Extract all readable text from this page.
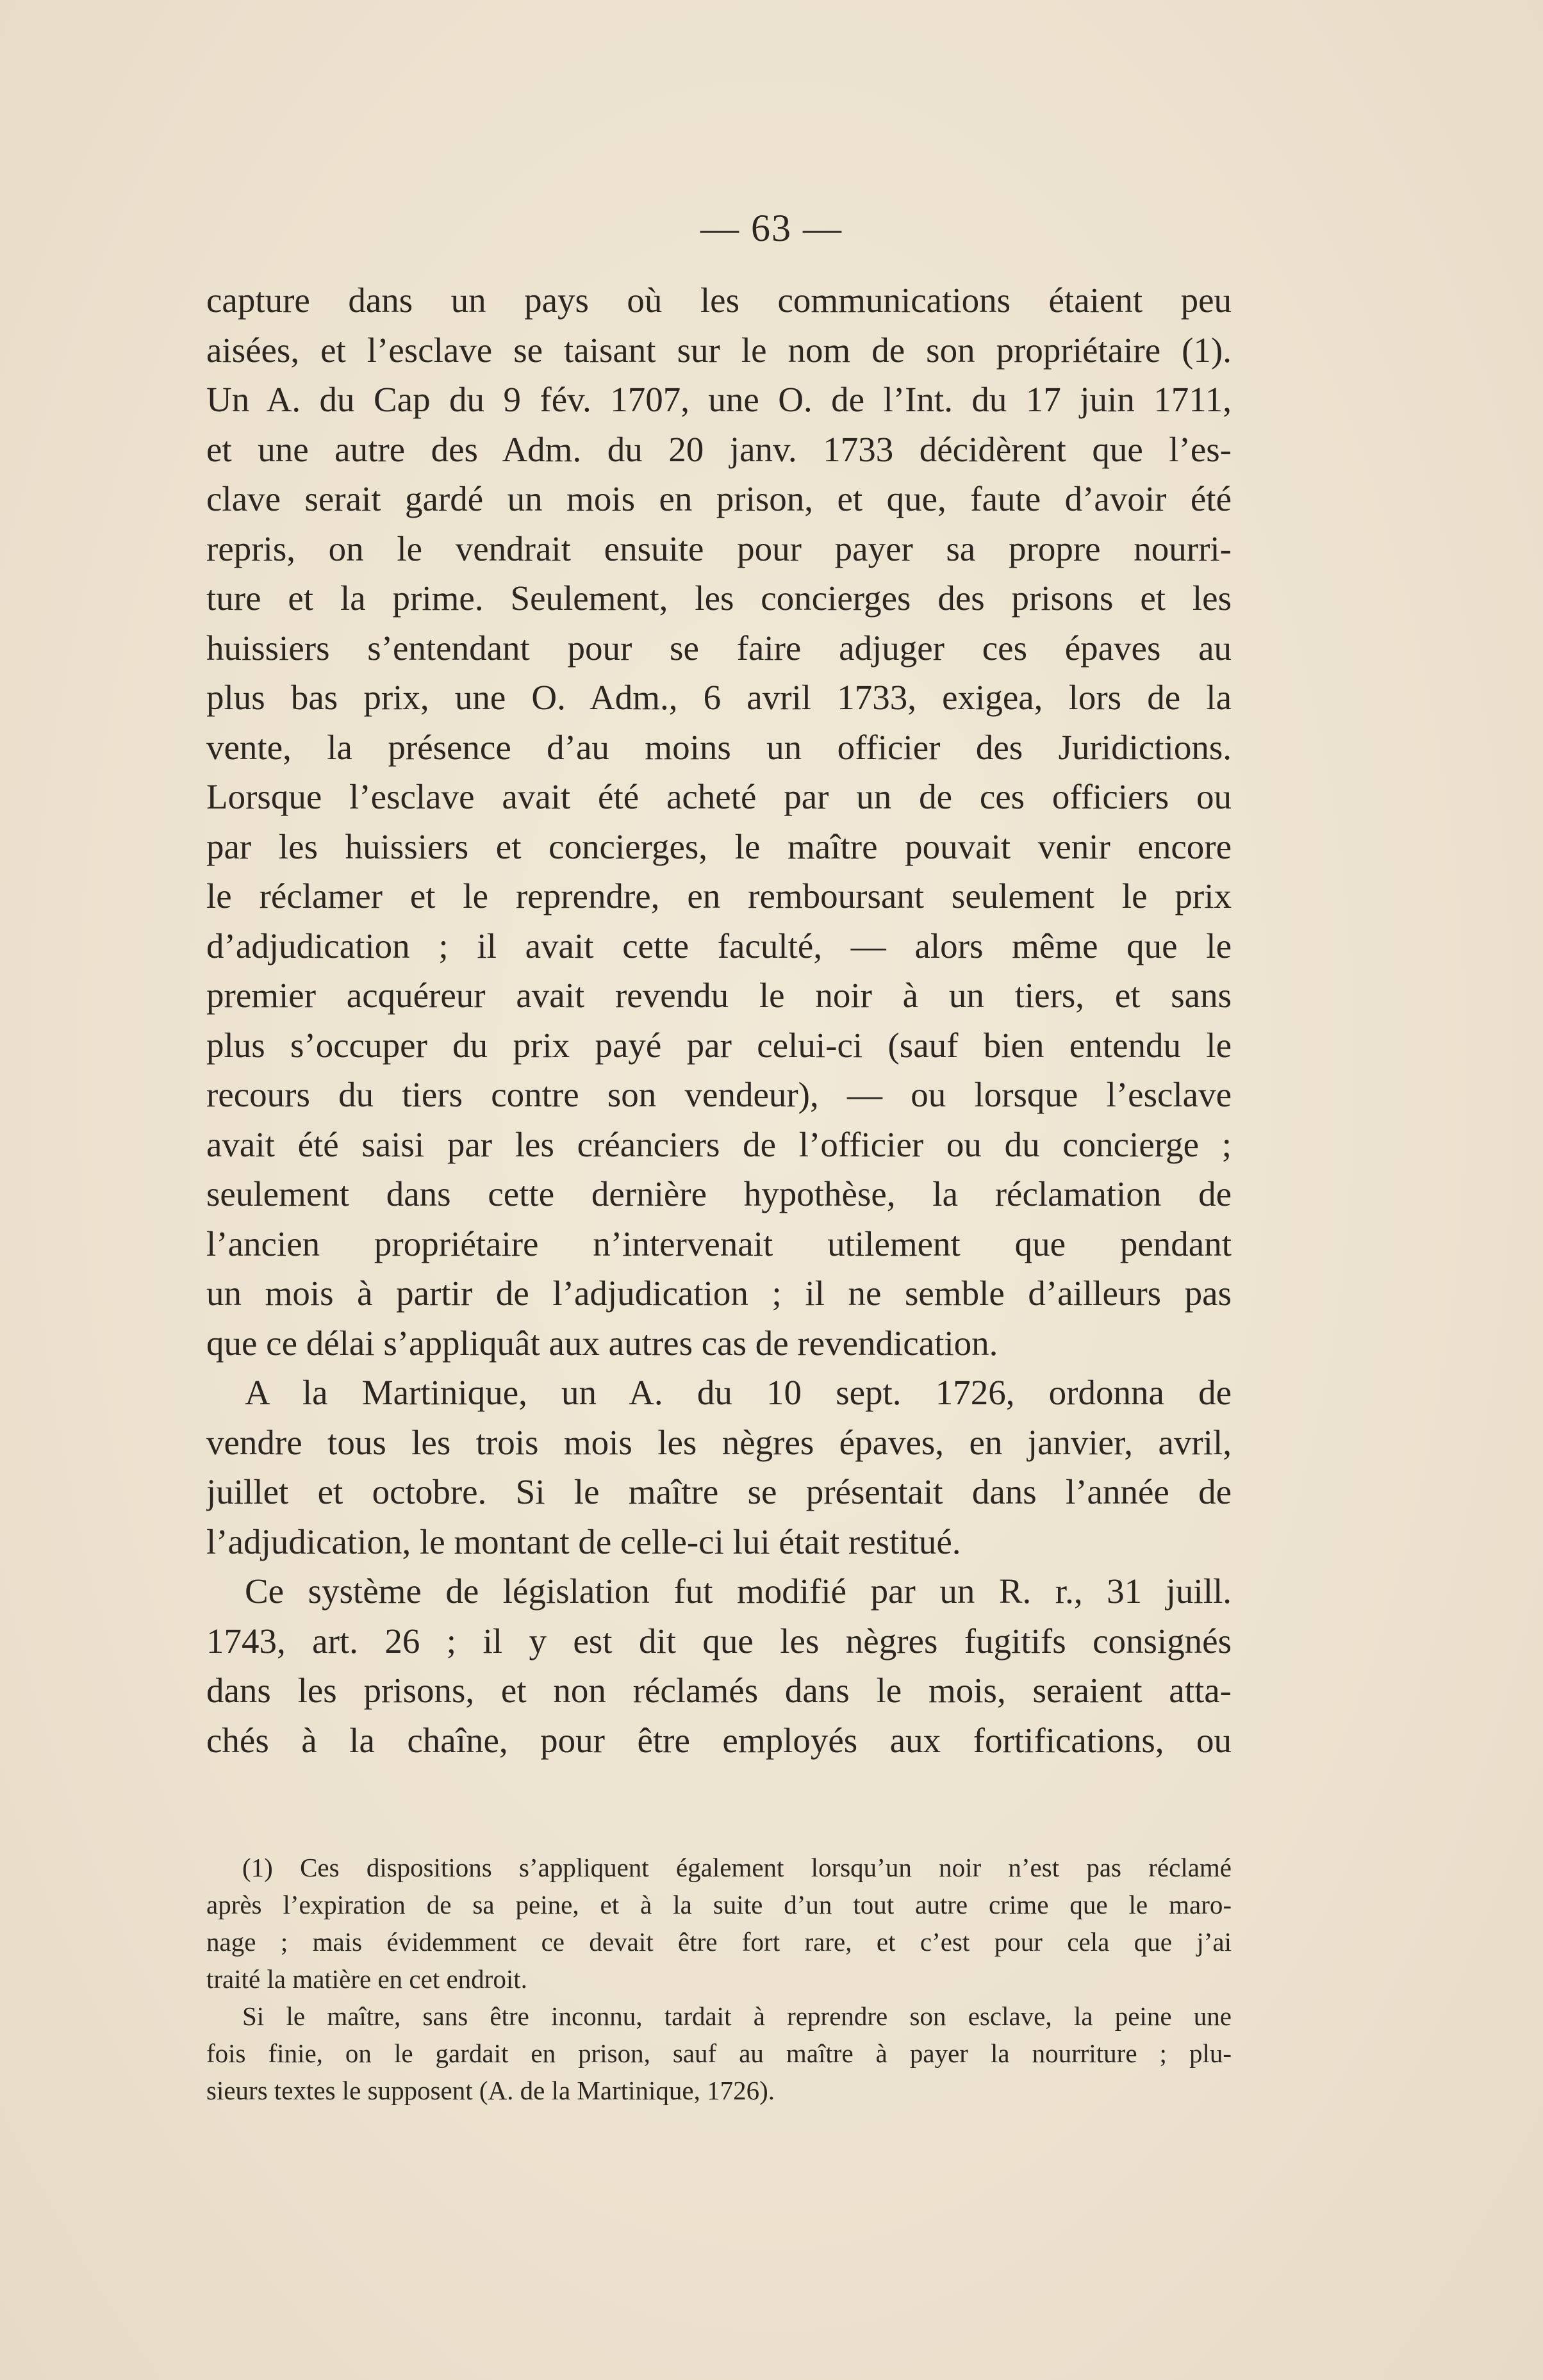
— 63 —
capture dans un pays où les communications étaient peu
aisées, et l’esclave se taisant sur le nom de son propriétaire (1).
Un A. du Cap du 9 fév. 1707, une O. de l’Int. du 17 juin 1711,
et une autre des Adm. du 20 janv. 1733 décidèrent que l’es-
clave serait gardé un mois en prison, et que, faute d’avoir été
repris, on le vendrait ensuite pour payer sa propre nourri-
ture et la prime. Seulement, les concierges des prisons et les
huissiers s’entendant pour se faire adjuger ces épaves au
plus bas prix, une O. Adm., 6 avril 1733, exigea, lors de la
vente, la présence d’au moins un officier des Juridictions.
Lorsque l’esclave avait été acheté par un de ces officiers ou
par les huissiers et concierges, le maître pouvait venir encore
le réclamer et le reprendre, en remboursant seulement le prix
d’adjudication ; il avait cette faculté, — alors même que le
premier acquéreur avait revendu le noir à un tiers, et sans
plus s’occuper du prix payé par celui-ci (sauf bien entendu le
recours du tiers contre son vendeur), — ou lorsque l’esclave
avait été saisi par les créanciers de l’officier ou du concierge ;
seulement dans cette dernière hypothèse, la réclamation de
l’ancien propriétaire n’intervenait utilement que pendant
un mois à partir de l’adjudication ; il ne semble d’ailleurs pas
que ce délai s’appliquât aux autres cas de revendication.
A la Martinique, un A. du 10 sept. 1726, ordonna de
vendre tous les trois mois les nègres épaves, en janvier, avril,
juillet et octobre. Si le maître se présentait dans l’année de
l’adjudication, le montant de celle-ci lui était restitué.
Ce système de législation fut modifié par un R. r., 31 juill.
1743, art. 26 ; il y est dit que les nègres fugitifs consignés
dans les prisons, et non réclamés dans le mois, seraient atta-
chés à la chaîne, pour être employés aux fortifications, ou
(1) Ces dispositions s’appliquent également lorsqu’un noir n’est pas réclamé
après l’expiration de sa peine, et à la suite d’un tout autre crime que le maro-
nage ; mais évidemment ce devait être fort rare, et c’est pour cela que j’ai
traité la matière en cet endroit.
Si le maître, sans être inconnu, tardait à reprendre son esclave, la peine une
fois finie, on le gardait en prison, sauf au maître à payer la nourriture ; plu-
sieurs textes le supposent (A. de la Martinique, 1726).
